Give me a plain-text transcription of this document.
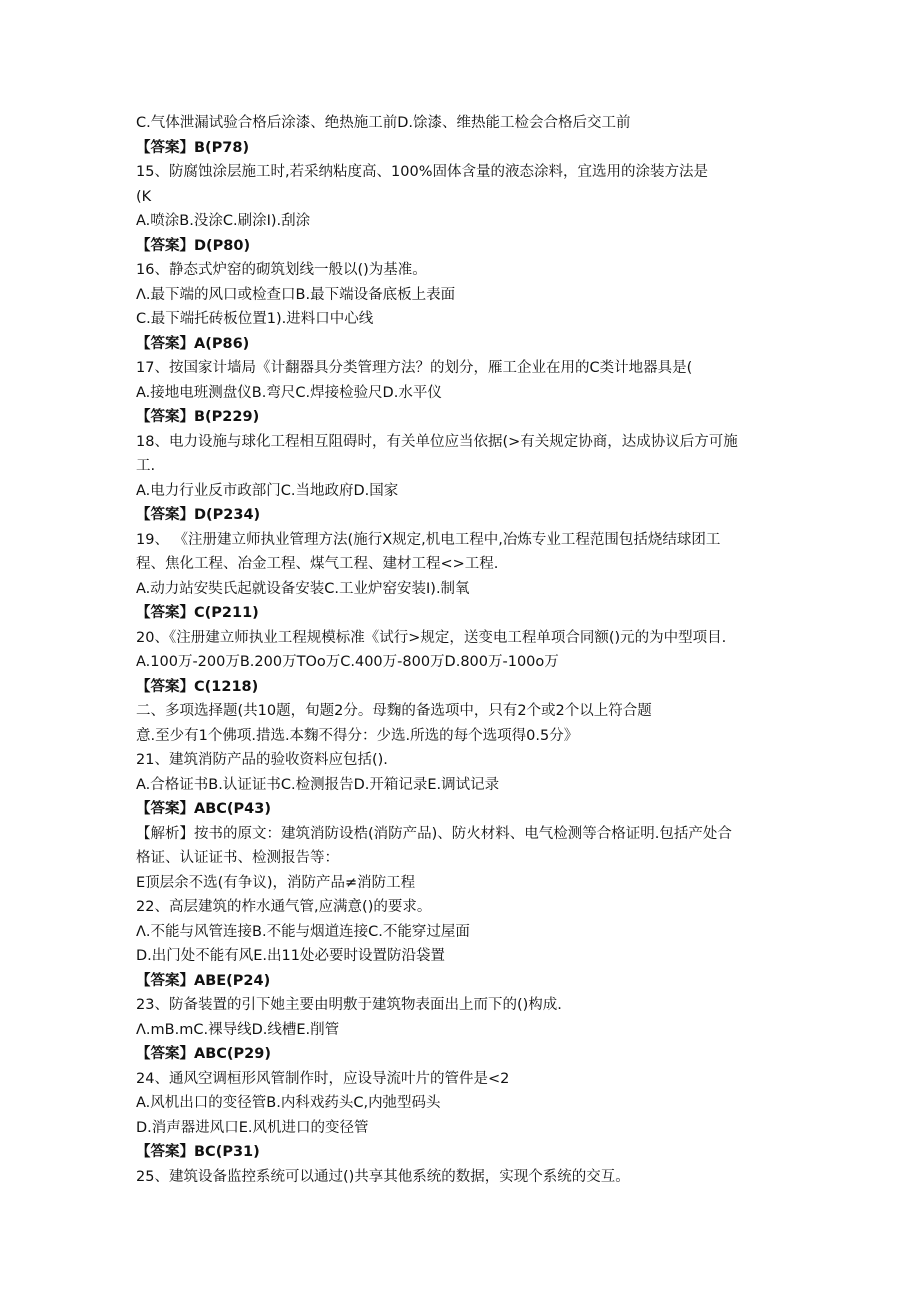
C.气体泄漏试验合格后涂漆、绝热施工前D.馀漆、维热能工检会合格后交工前
【答案】B(P78)
15、防腐蚀涂层施工时,若采纳粘度高、100%固体含量的液态涂料，宜选用的涂装方法是
(K
A.喷涂B.没涂C.刷涂I).刮涂
【答案】D(P80)
16、静态式炉窑的砌筑划线一般以()为基准。
Λ.最下端的风口或检查口B.最下端设备底板上表面
C.最下端托砖板位置1).进料口中心线
【答案】A(P86)
17、按国家计墙局《计翻器具分类管理方法？的划分，雁工企业在用的C类计地器具是(
A.接地电班测盘仪B.弯尺C.焊接检验尺D.水平仪
【答案】B(P229)
18、电力设施与球化工程相互阻碍时，有关单位应当依据(>有关规定协商，达成协议后方可施
工.
A.电力行业反市政部门C.当地政府D.国家
【答案】D(P234)
19、 《注册建立师执业管理方法(施行X规定,机电工程中,冶炼专业工程范围包括烧结球团工
程、焦化工程、冶金工程、煤气工程、建材工程<>工程.
A.动力站安奘氏起就设备安装C.工业炉窑安装I).制氧
【答案】C(P211)
20、《注册建立师执业工程规模标准《试行>规定，送变电工程单项合同额()元的为中型项目.
A.100万-200万B.200万TOo万C.400万-800万D.800万-100o万
【答案】C(1218)
二、多项选择题(共10题，旬题2分。母麴的备选项中，只有2个或2个以上符合题
意.至少有1个佛项.措选.本麴不得分：少选.所选的每个选项得0.5分》
21、建筑消防产品的验收资料应包括().
A.合格证书B.认证证书C.检测报告D.开箱记录E.调试记录
【答案】ABC(P43)
【解析】按书的原文：建筑消防设梏(消防产品)、防火材料、电气检测等合格证明.包括产处合
格证、认证证书、检测报告等：
E顶层余不选(有争议)，消防产品≠消防工程
22、高层建筑的柞水通气管,应满意()的要求。
Λ.不能与风管连接B.不能与烟道连接C.不能穿过屋面
D.出门处不能有风E.出11处必要时设置防沿袋置
【答案】ABE(P24)
23、防备装置的引下她主要由明敷于建筑物表面出上而下的()构成.
Λ.mB.mC.裸导线D.线槽E.削管
【答案】ABC(P29)
24、通风空调桓形风管制作时，应设导流叶片的管件是<2
A.风机出口的变径管B.内科戏药头C,内弛型码头
D.消声器进风口E.风机进口的变径管
【答案】BC(P31)
25、建筑设备监控系统可以通过()共享其他系统的数据，实现个系统的交互。
